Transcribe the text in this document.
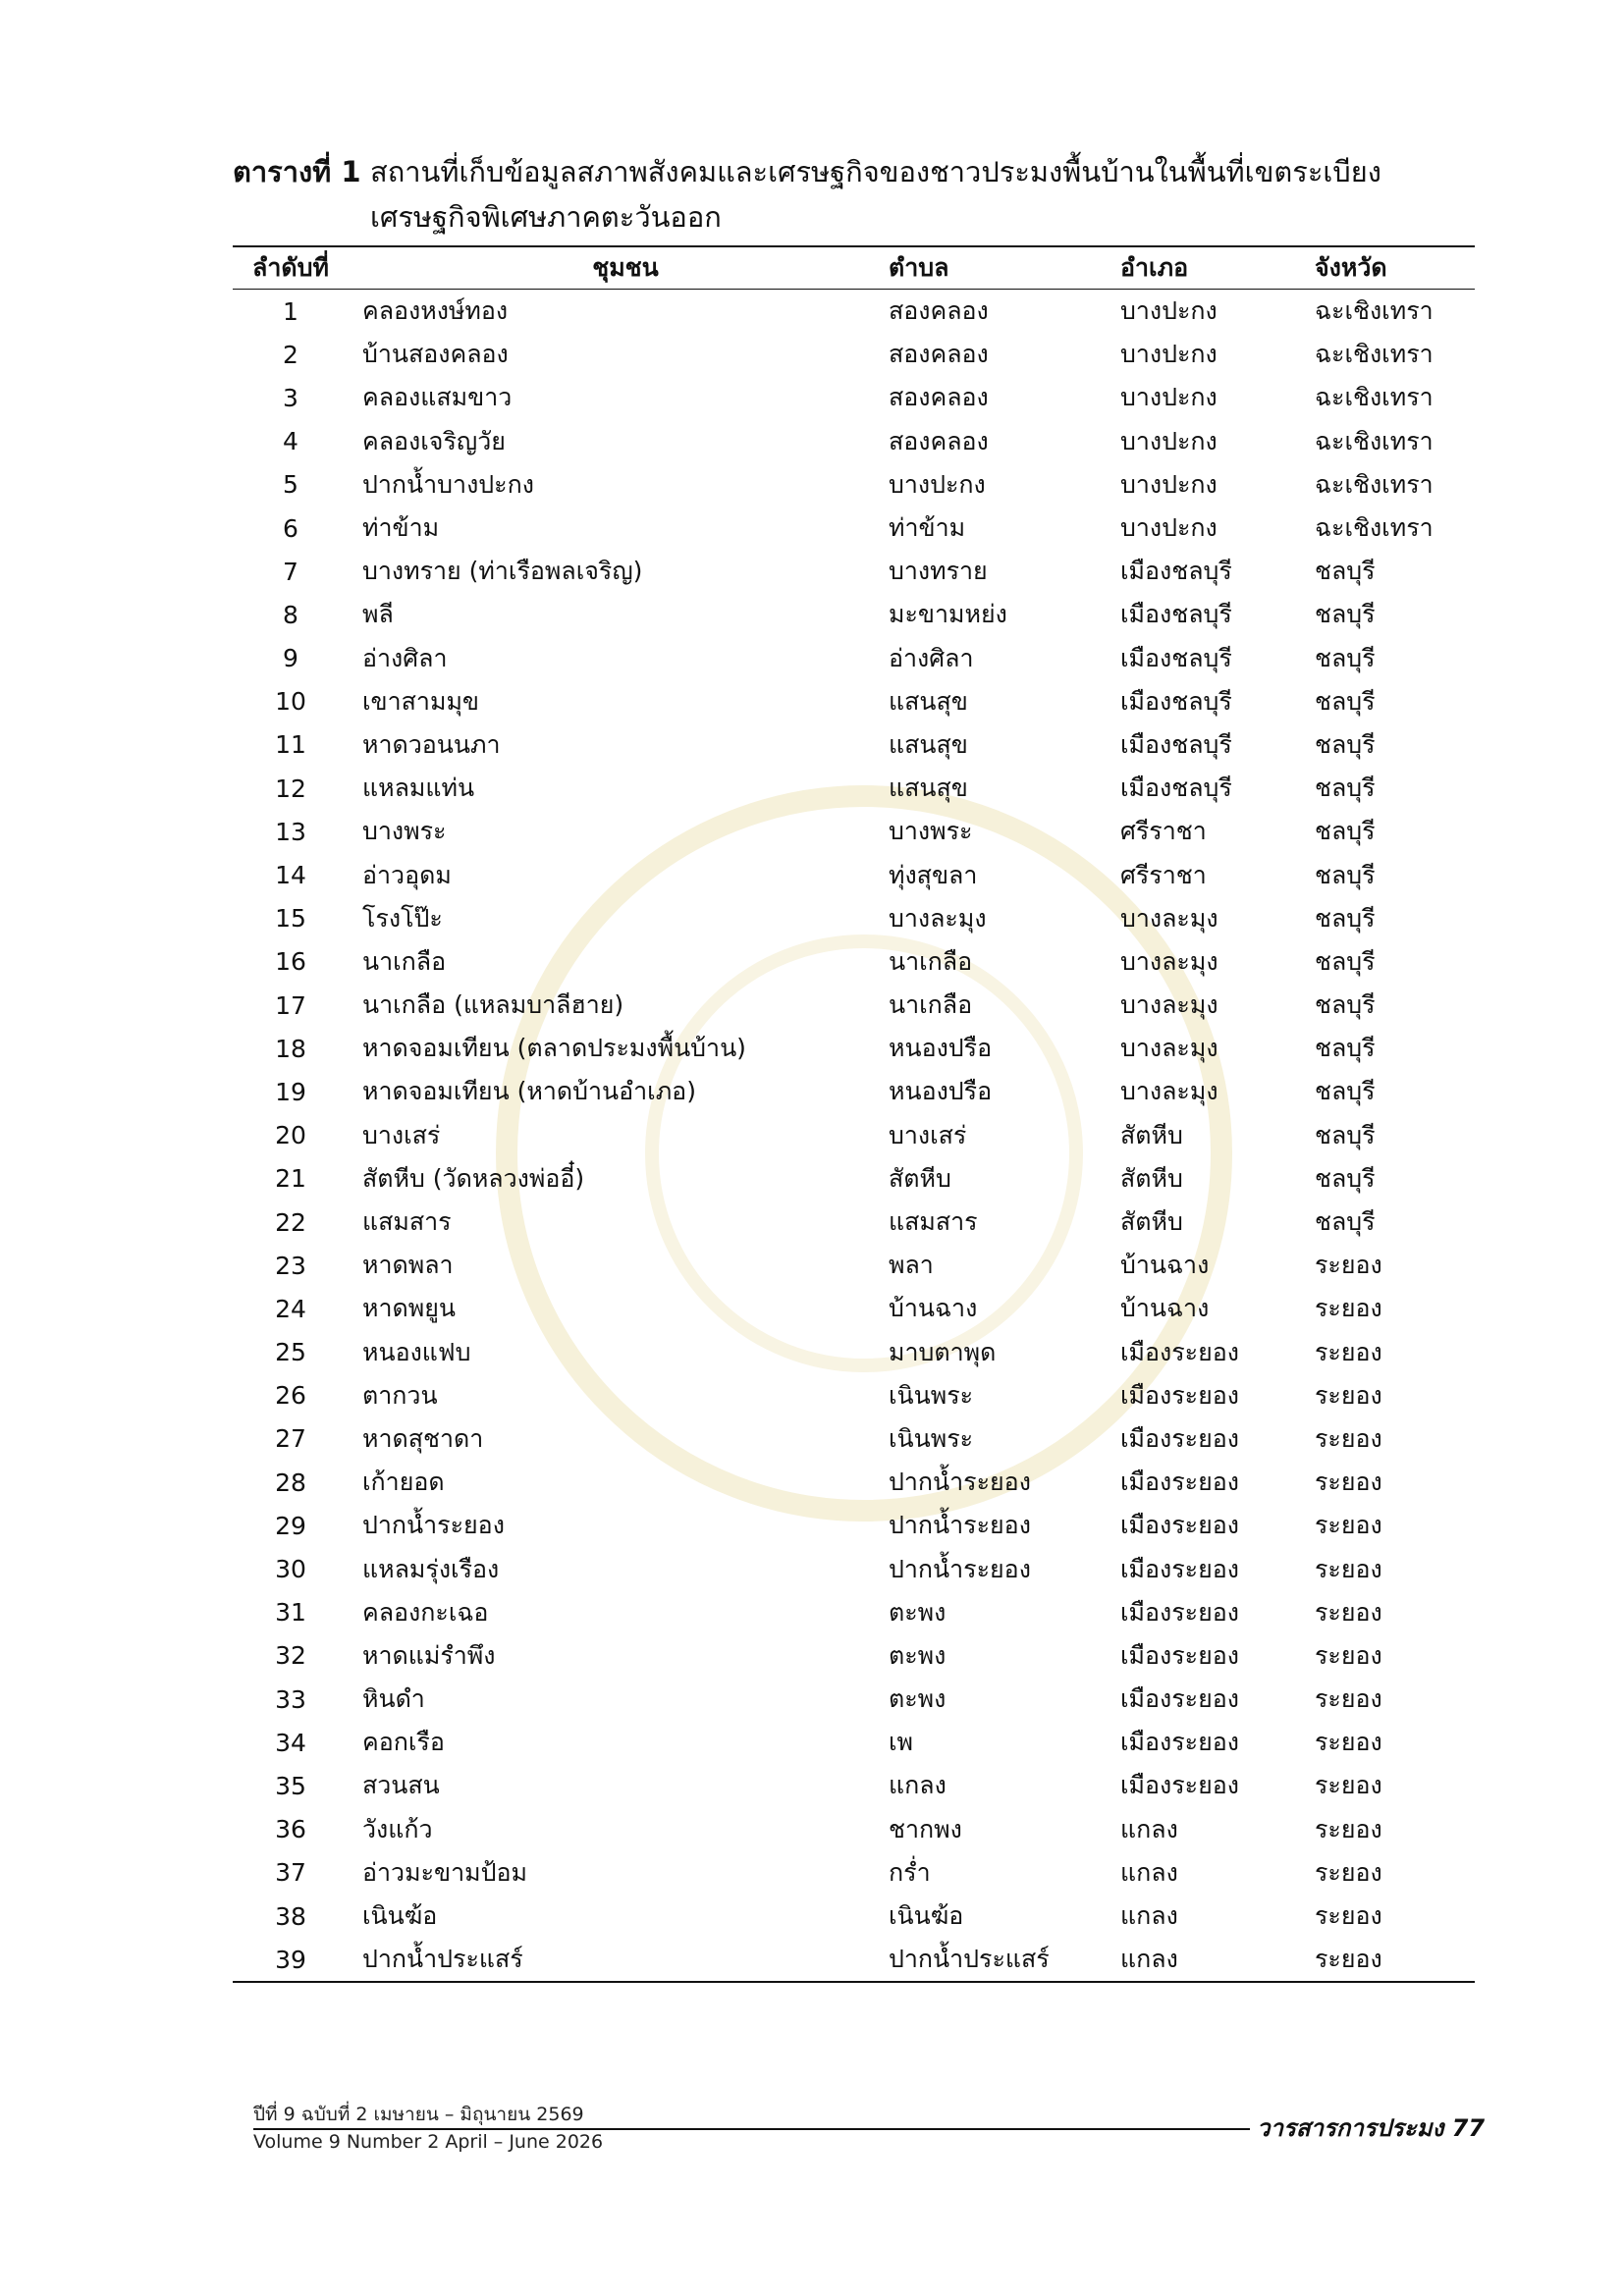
ตารางที่ 1 สถานที่เก็บข้อมูลสภาพสังคมและเศรษฐกิจของชาวประมงพื้นบ้านในพื้นที่เขตระเบียงเศรษฐกิจพิเศษภาคตะวันออก
ลำดับที่	ชุมชน	ตำบล	อำเภอ	จังหวัด
1	คลองหงษ์ทอง	สองคลอง	บางปะกง	ฉะเชิงเทรา
2	บ้านสองคลอง	สองคลอง	บางปะกง	ฉะเชิงเทรา
3	คลองแสมขาว	สองคลอง	บางปะกง	ฉะเชิงเทรา
4	คลองเจริญวัย	สองคลอง	บางปะกง	ฉะเชิงเทรา
5	ปากน้ำบางปะกง	บางปะกง	บางปะกง	ฉะเชิงเทรา
6	ท่าข้าม	ท่าข้าม	บางปะกง	ฉะเชิงเทรา
7	บางทราย (ท่าเรือพลเจริญ)	บางทราย	เมืองชลบุรี	ชลบุรี
8	พลี	มะขามหย่ง	เมืองชลบุรี	ชลบุรี
9	อ่างศิลา	อ่างศิลา	เมืองชลบุรี	ชลบุรี
10	เขาสามมุข	แสนสุข	เมืองชลบุรี	ชลบุรี
11	หาดวอนนภา	แสนสุข	เมืองชลบุรี	ชลบุรี
12	แหลมแท่น	แสนสุข	เมืองชลบุรี	ชลบุรี
13	บางพระ	บางพระ	ศรีราชา	ชลบุรี
14	อ่าวอุดม	ทุ่งสุขลา	ศรีราชา	ชลบุรี
15	โรงโป๊ะ	บางละมุง	บางละมุง	ชลบุรี
16	นาเกลือ	นาเกลือ	บางละมุง	ชลบุรี
17	นาเกลือ (แหลมบาลีฮาย)	นาเกลือ	บางละมุง	ชลบุรี
18	หาดจอมเทียน (ตลาดประมงพื้นบ้าน)	หนองปรือ	บางละมุง	ชลบุรี
19	หาดจอมเทียน (หาดบ้านอำเภอ)	หนองปรือ	บางละมุง	ชลบุรี
20	บางเสร่	บางเสร่	สัตหีบ	ชลบุรี
21	สัตหีบ (วัดหลวงพ่ออี๋)	สัตหีบ	สัตหีบ	ชลบุรี
22	แสมสาร	แสมสาร	สัตหีบ	ชลบุรี
23	หาดพลา	พลา	บ้านฉาง	ระยอง
24	หาดพยูน	บ้านฉาง	บ้านฉาง	ระยอง
25	หนองแฟบ	มาบตาพุด	เมืองระยอง	ระยอง
26	ตากวน	เนินพระ	เมืองระยอง	ระยอง
27	หาดสุชาดา	เนินพระ	เมืองระยอง	ระยอง
28	เก้ายอด	ปากน้ำระยอง	เมืองระยอง	ระยอง
29	ปากน้ำระยอง	ปากน้ำระยอง	เมืองระยอง	ระยอง
30	แหลมรุ่งเรือง	ปากน้ำระยอง	เมืองระยอง	ระยอง
31	คลองกะเฉอ	ตะพง	เมืองระยอง	ระยอง
32	หาดแม่รำพึง	ตะพง	เมืองระยอง	ระยอง
33	หินดำ	ตะพง	เมืองระยอง	ระยอง
34	คอกเรือ	เพ	เมืองระยอง	ระยอง
35	สวนสน	แกลง	เมืองระยอง	ระยอง
36	วังแก้ว	ชากพง	แกลง	ระยอง
37	อ่าวมะขามป้อม	กร่ำ	แกลง	ระยอง
38	เนินฆ้อ	เนินฆ้อ	แกลง	ระยอง
39	ปากน้ำประแสร์	ปากน้ำประแสร์	แกลง	ระยอง
ปีที่ 9 ฉบับที่ 2 เมษายน – มิถุนายน 2569
Volume 9 Number 2 April – June 2026	วารสารการประมง 77
